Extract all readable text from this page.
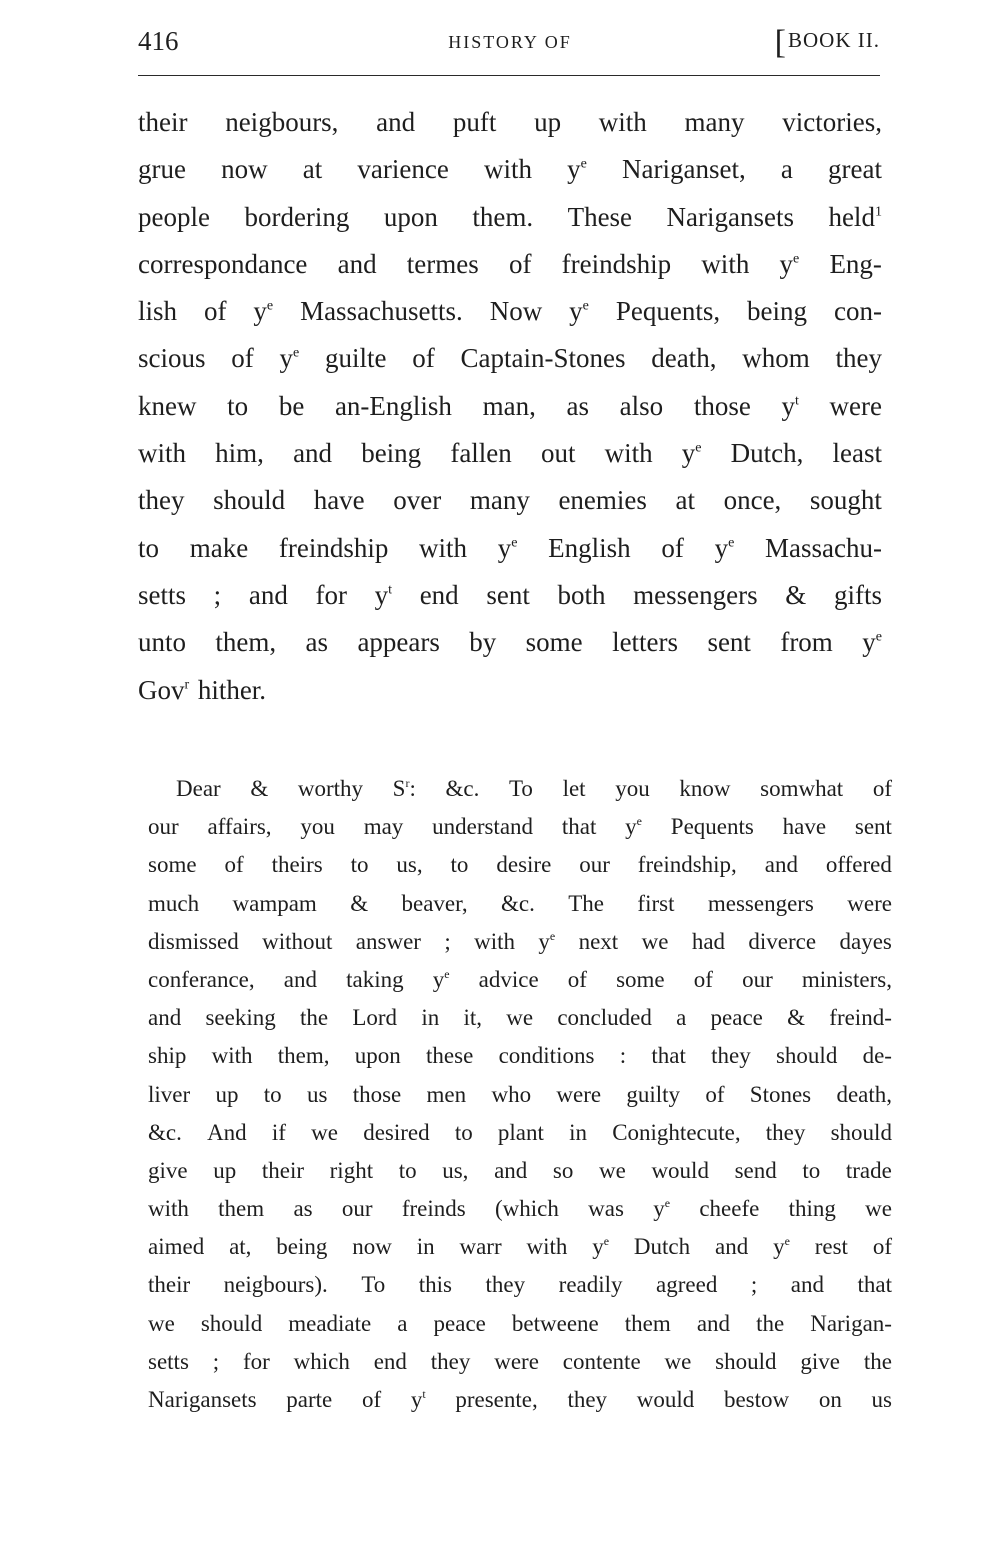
416	HISTORY OF	[BOOK II.
their neigbours, and puft up with many victories,
grue now at varience with $y^e$ Nariganset, a great
people bordering upon them. These Narigansets held$^1$
correspondance and termes of freindship with $y^e$ Eng-
lish of $y^e$ Massachusetts. Now $y^e$ Pequents, being con-
scious of $y^e$ guilte of Captain-Stones death, whom they
knew to be an-English man, as also those $y^t$ were
with him, and being fallen out with $y^e$ Dutch, least
they should have over many enemies at once, sought
to make freindship with $y^e$ English of $y^e$ Massachu-
setts ; and for $y^t$ end sent both messengers & gifts
unto them, as appears by some letters sent from $y^e$
Gov$^r$ hither.
Dear & worthy $S^r$: &c. To let you know somwhat of
our affairs, you may understand that $y^e$ Pequents have sent
some of theirs to us, to desire our freindship, and offered
much wampam & beaver, &c. The first messengers were
dismissed without answer ; with $y^e$ next we had diverce dayes
conferance, and taking $y^e$ advice of some of our ministers,
and seeking the Lord in it, we concluded a peace & freind-
ship with them, upon these conditions : that they should de-
liver up to us those men who were guilty of Stones death,
&c. And if we desired to plant in Conightecute, they should
give up their right to us, and so we would send to trade
with them as our freinds (which was $y^e$ cheefe thing we
aimed at, being now in warr with $y^e$ Dutch and $y^e$ rest of
their neigbours). To this they readily agreed ; and that
we should meadiate a peace betweene them and the Narigan-
setts ; for which end they were contente we should give the
Narigansets parte of $y^t$ presente, they would bestow on us
